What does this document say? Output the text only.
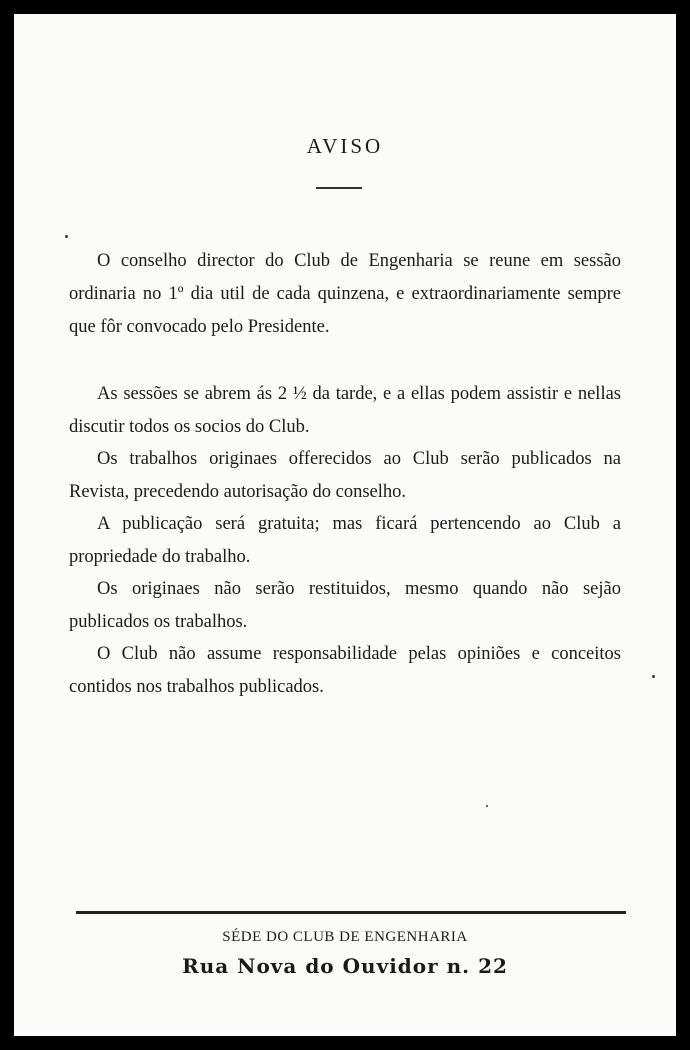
AVISO

O conselho director do Club de Engenharia se reune em sessão ordinaria no 1º dia util de cada quinzena, e extraordinariamente sempre que fôr convocado pelo Presidente.

As sessões se abrem ás 2 ½ da tarde, e a ellas podem assistir e nellas discutir todos os socios do Club.

Os trabalhos originaes offerecidos ao Club serão publicados na Revista, precedendo autorisação do conselho.

A publicação será gratuita; mas ficará pertencendo ao Club a propriedade do trabalho.

Os originaes não serão restituidos, mesmo quando não sejão publicados os trabalhos.

O Club não assume responsabilidade pelas opiniões e conceitos contidos nos trabalhos publicados.

SÉDE DO CLUB DE ENGENHARIA
Rua Nova do Ouvidor n. 22
